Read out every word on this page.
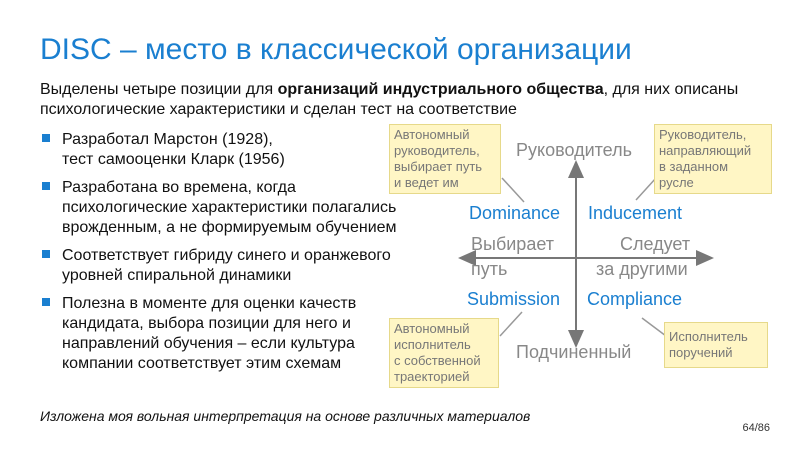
DISC – место в классической организации
Выделены четыре позиции для организаций индустриального общества, для них описаны психологические характеристики и сделан тест на соответствие
Разработал Марстон (1928),
тест самооценки Кларк (1956)
Разработана во времена, когда психологические характеристики полагались врожденным, а не формируемым обучением
Соответствует гибриду синего и оранжевого уровней спиральной динамики
Полезна в моменте для оценки качеств кандидата, выбора позиции для него и направлений обучения – если культура компании соответствует этим схемам
Автономный
руководитель,
выбирает путь
и ведет им
Руководитель,
направляющий
в заданном
русле
Автономный
исполнитель
с собственной
траекторией
Исполнитель
поручений
Руководитель
Подчиненный
Выбирает
путь
Следует
за другими
Dominance Inducement
Submission Compliance
Изложена моя вольная интерпретация на основе различных материалов
64/86
